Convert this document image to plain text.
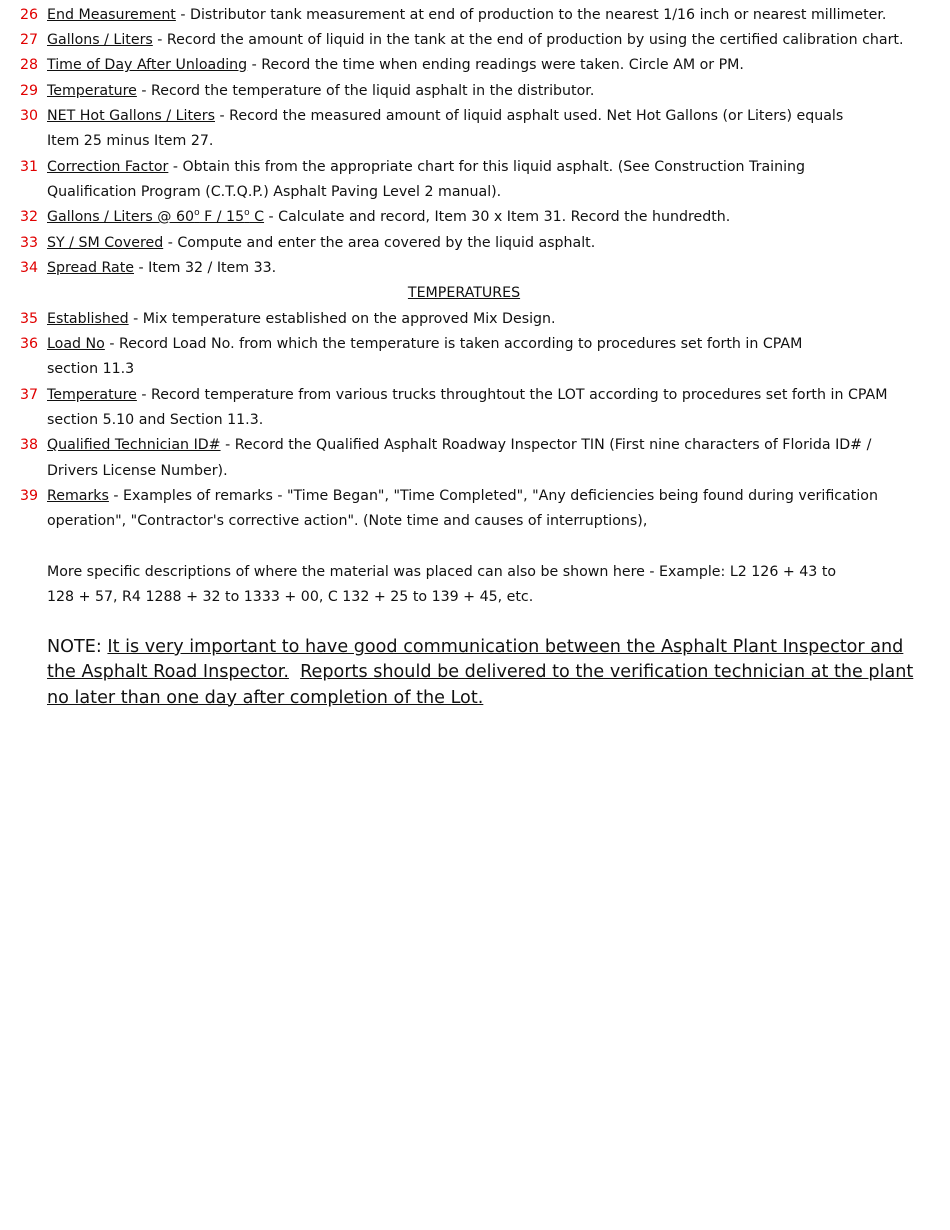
26 End Measurement - Distributor tank measurement at end of production to the nearest 1/16 inch or nearest millimeter.
27 Gallons / Liters - Record the amount of liquid in the tank at the end of production by using the certified calibration chart.
28 Time of Day After Unloading - Record the time when ending readings were taken. Circle AM or PM.
29 Temperature - Record the temperature of the liquid asphalt in the distributor.
30 NET Hot Gallons / Liters - Record the measured amount of liquid asphalt used. Net Hot Gallons (or Liters) equals
Item 25 minus Item 27.
31 Correction Factor - Obtain this from the appropriate chart for this liquid asphalt. (See Construction Training
Qualification Program (C.T.Q.P.) Asphalt Paving Level 2 manual).
32 Gallons / Liters @ 60$^o$ F / 15$^o$ C - Calculate and record, Item 30 x Item 31. Record the hundredth.
33 SY / SM Covered - Compute and enter the area covered by the liquid asphalt.
34 Spread Rate - Item 32 / Item 33.
TEMPERATURES
35 Established - Mix temperature established on the approved Mix Design.
36 Load No - Record Load No. from which the temperature is taken according to procedures set forth in CPAM
section 11.3
37 Temperature - Record temperature from various trucks throughtout the LOT according to procedures set forth in CPAM
section 5.10 and Section 11.3.
38 Qualified Technician ID# - Record the Qualified Asphalt Roadway Inspector TIN (First nine characters of Florida ID# /
Drivers License Number).
39 Remarks - Examples of remarks - "Time Began", "Time Completed", "Any deficiencies being found during verification
operation", "Contractor's corrective action". (Note time and causes of interruptions),
More specific descriptions of where the material was placed can also be shown here - Example: L2 126 + 43 to
128 + 57, R4 1288 + 32 to 1333 + 00, C 132 + 25 to 139 + 45, etc.
NOTE: It is very important to have good communication between the Asphalt Plant Inspector and the Asphalt Road Inspector. Reports should be delivered to the verification technician at the plant no later than one day after completion of the Lot.
